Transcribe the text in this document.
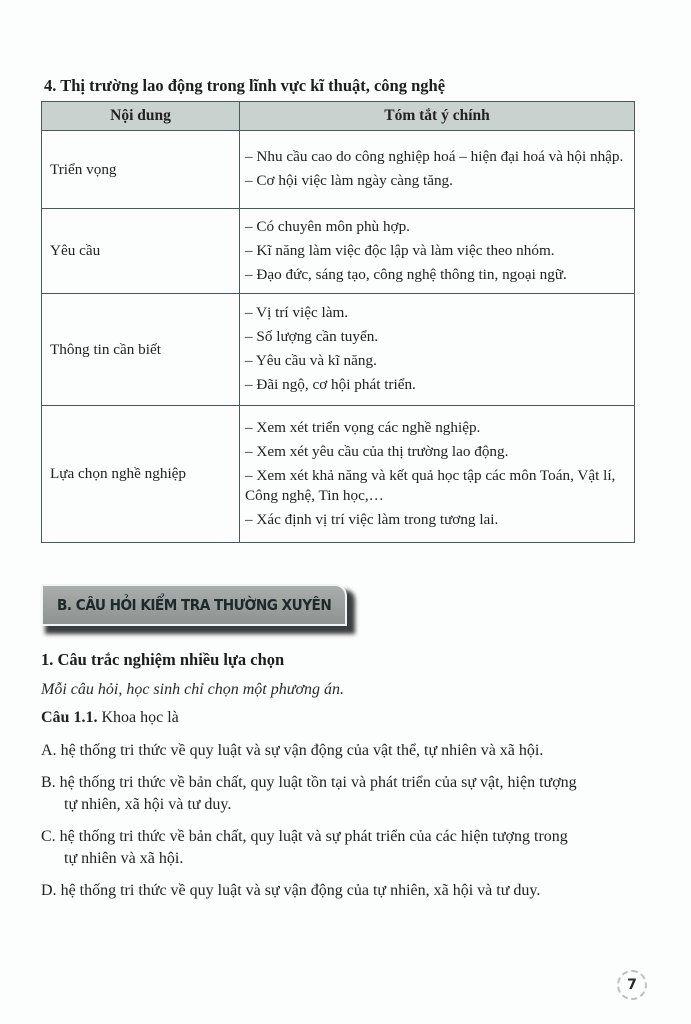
4. Thị trường lao động trong lĩnh vực kĩ thuật, công nghệ
Nội dung	Tóm tắt ý chính
Triển vọng	– Nhu cầu cao do công nghiệp hoá – hiện đại hoá và hội nhập.
– Cơ hội việc làm ngày càng tăng.

Yêu cầu	– Có chuyên môn phù hợp.
– Kĩ năng làm việc độc lập và làm việc theo nhóm.
– Đạo đức, sáng tạo, công nghệ thông tin, ngoại ngữ.

Thông tin cần biết	– Vị trí việc làm.
– Số lượng cần tuyển.
– Yêu cầu và kĩ năng.
– Đãi ngộ, cơ hội phát triển.

Lựa chọn nghề nghiệp	– Xem xét triển vọng các nghề nghiệp.
– Xem xét yêu cầu của thị trường lao động.
– Xem xét khả năng và kết quả học tập các môn Toán, Vật lí, Công nghệ, Tin học,…
– Xác định vị trí việc làm trong tương lai.
B. CÂU HỎI KIỂM TRA THƯỜNG XUYÊN
1. Câu trắc nghiệm nhiều lựa chọn
Mỗi câu hỏi, học sinh chỉ chọn một phương án.
Câu 1.1. Khoa học là
A. hệ thống tri thức về quy luật và sự vận động của vật thể, tự nhiên và xã hội.
B. hệ thống tri thức về bản chất, quy luật tồn tại và phát triển của sự vật, hiện tượng
tự nhiên, xã hội và tư duy.
C. hệ thống tri thức về bản chất, quy luật và sự phát triển của các hiện tượng trong
tự nhiên và xã hội.
D. hệ thống tri thức về quy luật và sự vận động của tự nhiên, xã hội và tư duy.
7
